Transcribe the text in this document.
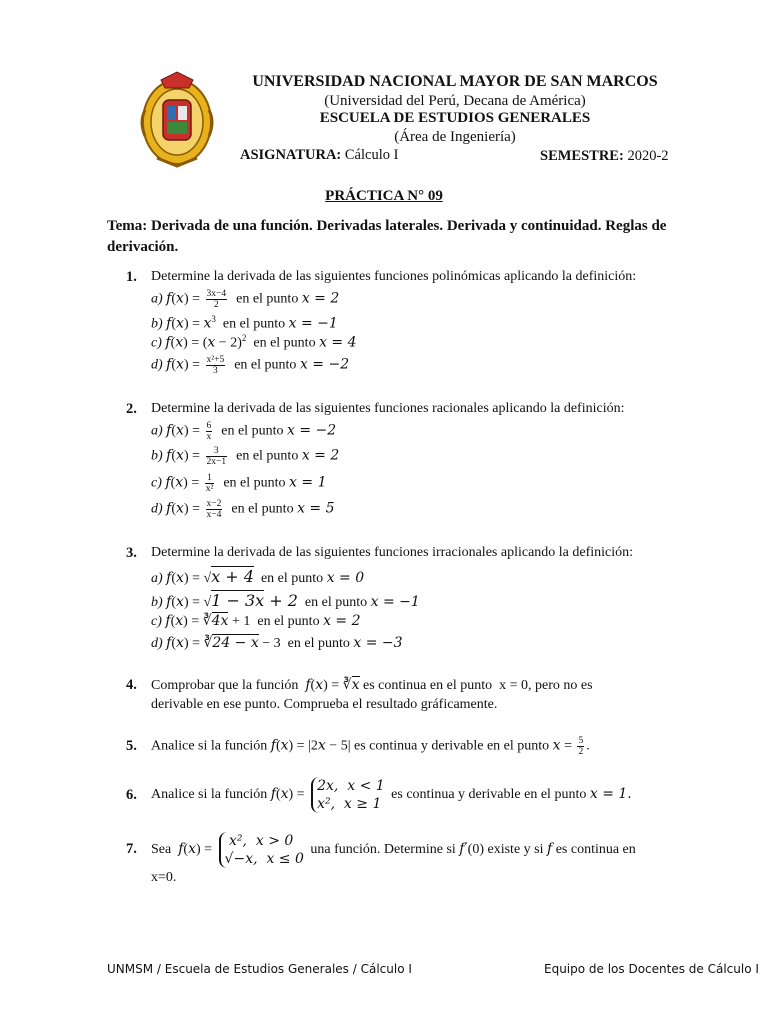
UNIVERSIDAD NACIONAL MAYOR DE SAN MARCOS
(Universidad del Perú, Decana de América)
ESCUELA DE ESTUDIOS GENERALES
(Área de Ingeniería)
ASIGNATURA: Cálculo I	SEMESTRE: 2020-2
PRÁCTICA N° 09
Tema: Derivada de una función. Derivadas laterales. Derivada y continuidad. Reglas de derivación.
1. Determine la derivada de las siguientes funciones polinómicas aplicando la definición:
a) $f(x) = \frac{3x-4}{2}$ en el punto x = 2
b) $f(x) = x^3$ en el punto x = −1
c) $f(x) = (x - 2)^2$ en el punto x = 4
d) $f(x) = \frac{\text{x²+5}}{3}$ en el punto x = −2
2. Determine la derivada de las siguientes funciones racionales aplicando la definición:
a) $f(x) = \frac{6}{x}$ en el punto x = −2
b) $f(x) = \frac{3}{2x-1}$ en el punto x = 2
c) $f(x) = \frac{1}{\text{x²}}$ en el punto x = 1
d) $f(x) = \frac{x-2}{x-4}$ en el punto x = 5
3. Determine la derivada de las siguientes funciones irracionales aplicando la definición:
a) f(x) = √x + 4 en el punto x = 0
b) f(x) = √1 − 3x + 2 en el punto x = −1
c) f(x) = ∛4x + 1  en el punto x = 2
d) f(x) = ∛24 − x − 3  en el punto x = −3
4. Comprobar que la función f(x) = ∛x es continua en el punto x = 0, pero no es
derivable en ese punto. Comprueba el resultado gráficamente.
5. Analice si la función f(x) = |2x − 5| es continua y derivable en el punto $x = \frac{5}{2}$ .
6. Analice si la función f(x) = 2x,  x < 1
x²,  x ≥ 1 es continua y derivable en el punto x = 1.
7. Sea f(x) =  x²,  x > 0
√−x,  x ≤ 0 una función. Determine si f′(0) existe y si f es continua en
x=0.
UNMSM / Escuela de Estudios Generales / Cálculo I	Equipo de los Docentes de Cálculo I
